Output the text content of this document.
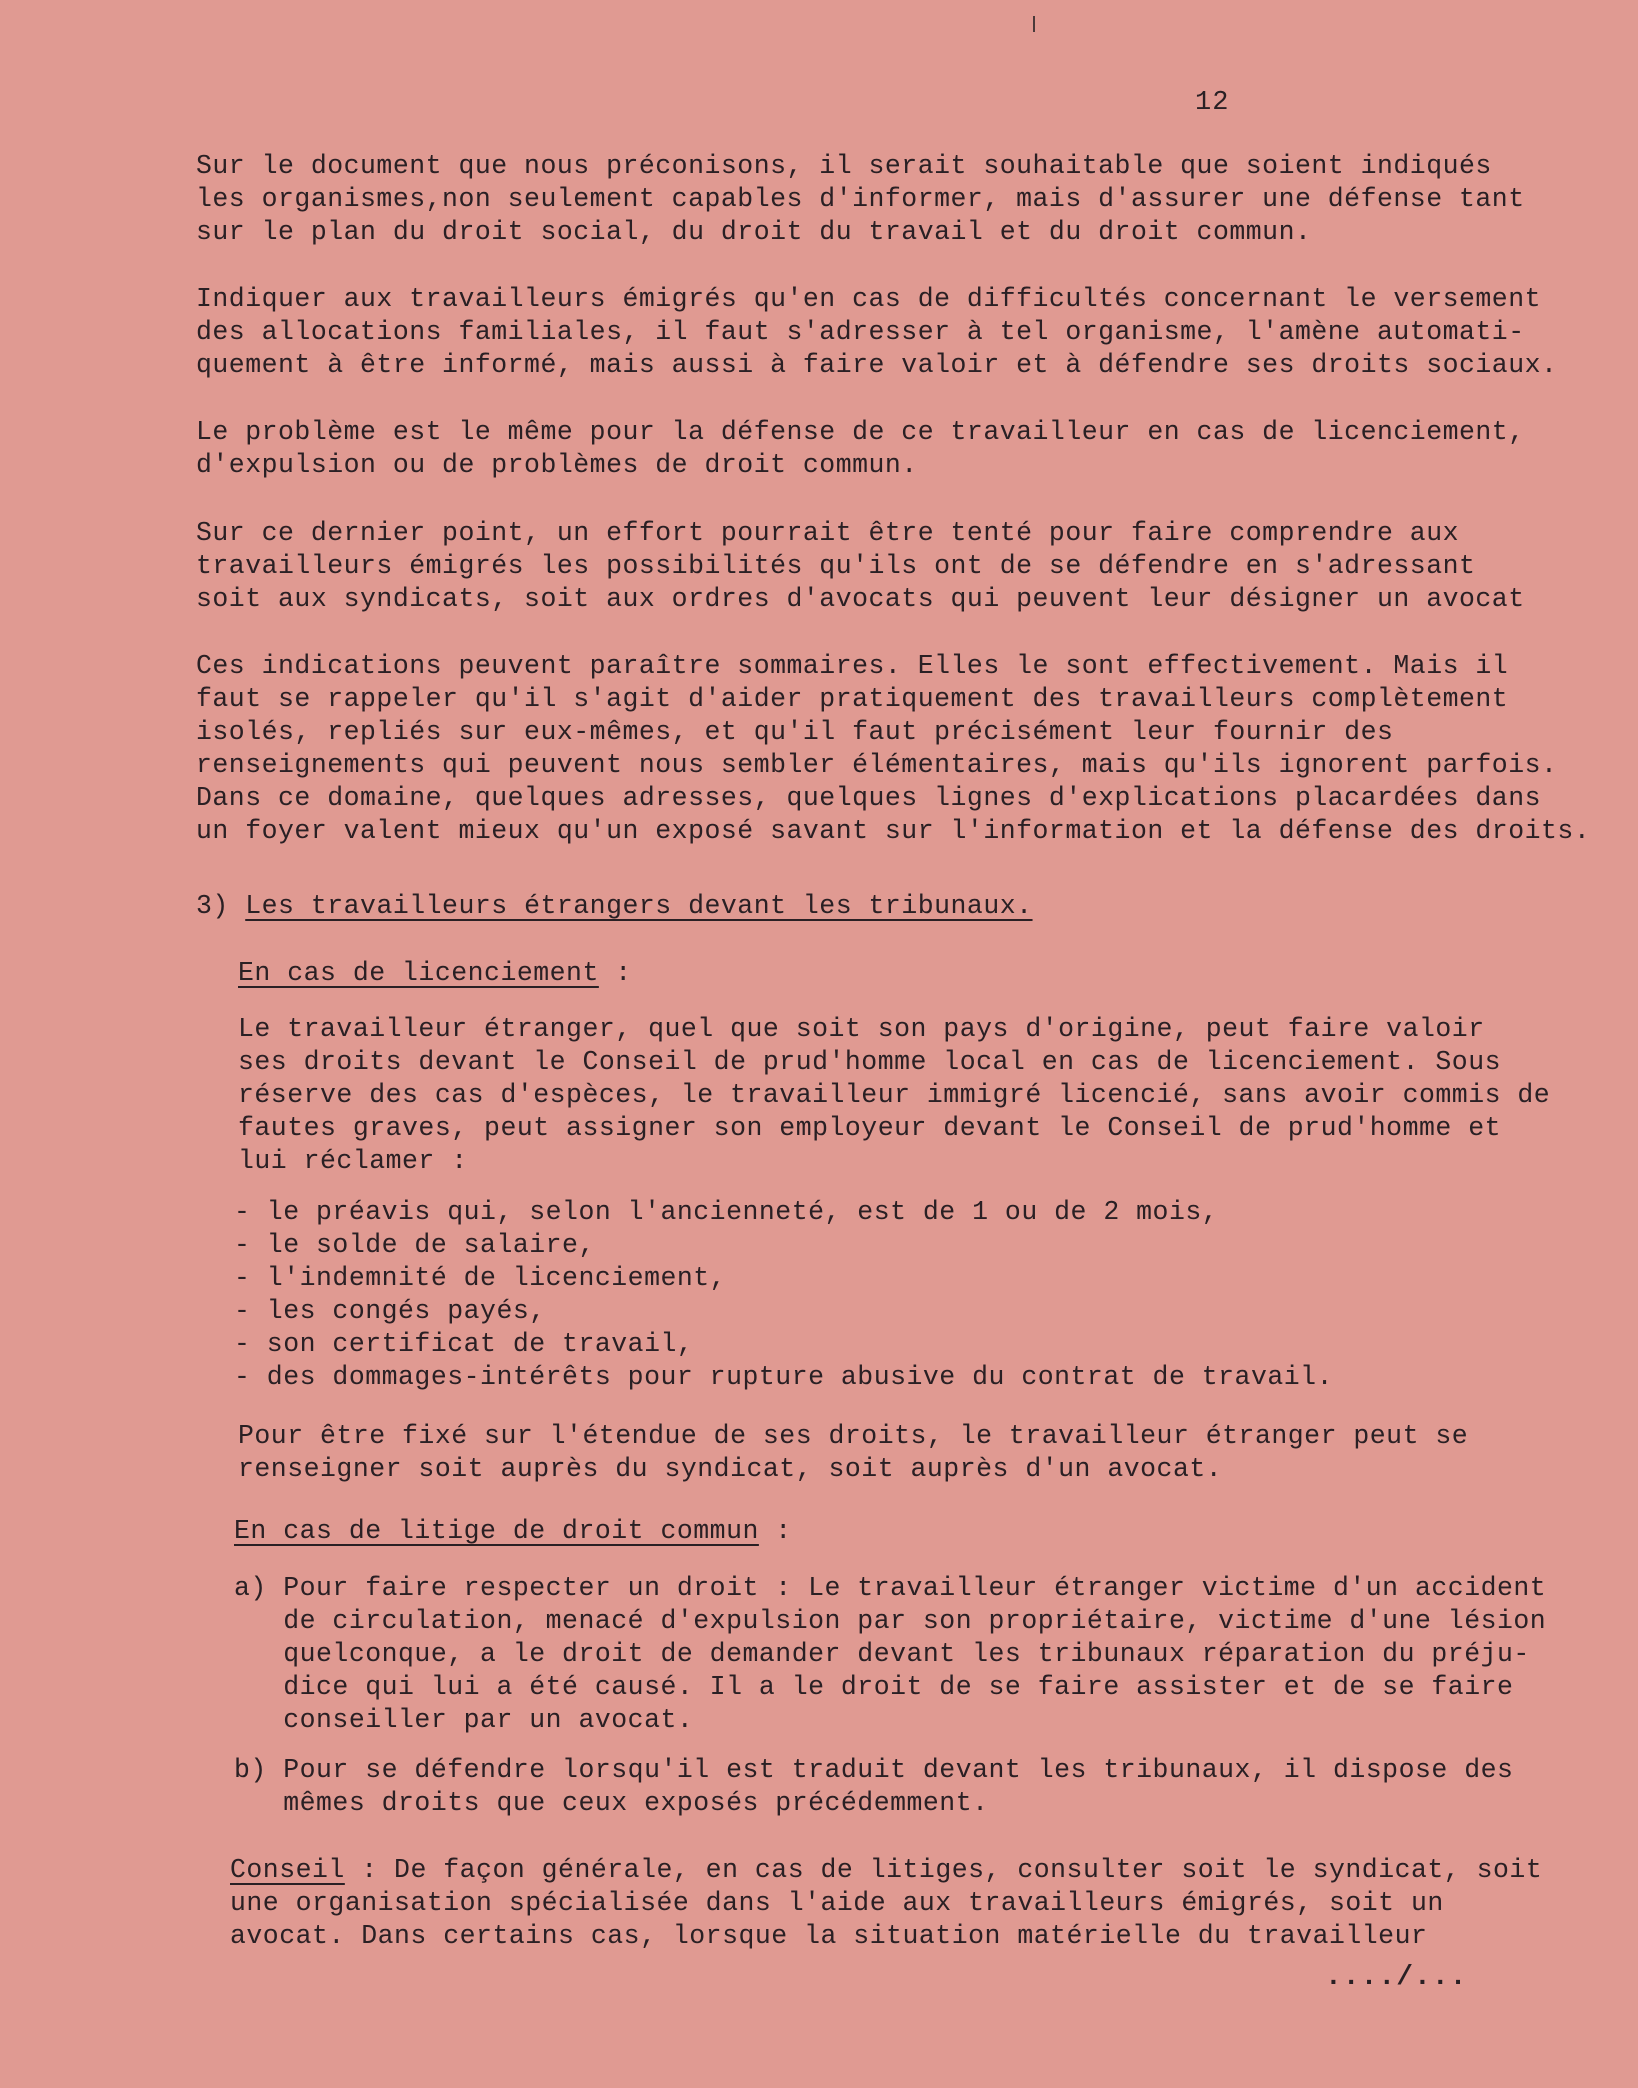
12
Sur le document que nous préconisons, il serait souhaitable que soient indiqués
les organismes,non seulement capables d'informer, mais d'assurer une défense tant
sur le plan du droit social, du droit du travail et du droit commun.
Indiquer aux travailleurs émigrés qu'en cas de difficultés concernant le versement
des allocations familiales, il faut s'adresser à tel organisme, l'amène automati-
quement à être informé, mais aussi à faire valoir et à défendre ses droits sociaux.
Le problème est le même pour la défense de ce travailleur en cas de licenciement,
d'expulsion ou de problèmes de droit commun.
Sur ce dernier point, un effort pourrait être tenté pour faire comprendre aux
travailleurs émigrés les possibilités qu'ils ont de se défendre en s'adressant
soit aux syndicats, soit aux ordres d'avocats qui peuvent leur désigner un avocat
Ces indications peuvent paraître sommaires. Elles le sont effectivement. Mais il
faut se rappeler qu'il s'agit d'aider pratiquement des travailleurs complètement
isolés, repliés sur eux-mêmes, et qu'il faut précisément leur fournir des
renseignements qui peuvent nous sembler élémentaires, mais qu'ils ignorent parfois.
Dans ce domaine, quelques adresses, quelques lignes d'explications placardées dans
un foyer valent mieux qu'un exposé savant sur l'information et la défense des droits.
3) Les travailleurs étrangers devant les tribunaux.
En cas de licenciement :
Le travailleur étranger, quel que soit son pays d'origine, peut faire valoir
ses droits devant le Conseil de prud'homme local en cas de licenciement. Sous
réserve des cas d'espèces, le travailleur immigré licencié, sans avoir commis de
fautes graves, peut assigner son employeur devant le Conseil de prud'homme et
lui réclamer :
- le préavis qui, selon l'ancienneté, est de 1 ou de 2 mois,
- le solde de salaire,
- l'indemnité de licenciement,
- les congés payés,
- son certificat de travail,
- des dommages-intérêts pour rupture abusive du contrat de travail.
Pour être fixé sur l'étendue de ses droits, le travailleur étranger peut se
renseigner soit auprès du syndicat, soit auprès d'un avocat.
En cas de litige de droit commun :
a) Pour faire respecter un droit : Le travailleur étranger victime d'un accident
de circulation, menacé d'expulsion par son propriétaire, victime d'une lésion
quelconque, a le droit de demander devant les tribunaux réparation du préju-
dice qui lui a été causé. Il a le droit de se faire assister et de se faire
conseiller par un avocat.
b) Pour se défendre lorsqu'il est traduit devant les tribunaux, il dispose des
mêmes droits que ceux exposés précédemment.
Conseil : De façon générale, en cas de litiges, consulter soit le syndicat, soit
une organisation spécialisée dans l'aide aux travailleurs émigrés, soit un
avocat. Dans certains cas, lorsque la situation matérielle du travailleur
..../...
